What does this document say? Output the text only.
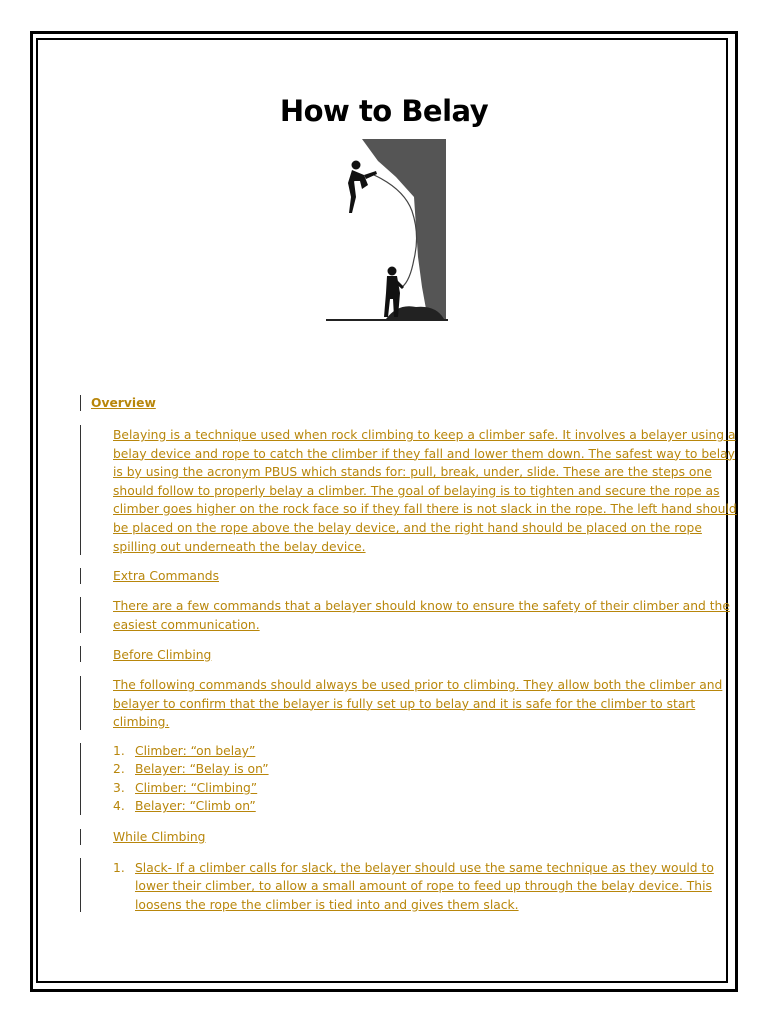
How to Belay
Overview
Belaying is a technique used when rock climbing to keep a climber safe. It involves a belayer using a
belay device and rope to catch the climber if they fall and lower them down. The safest way to belay
is by using the acronym PBUS which stands for: pull, break, under, slide. These are the steps one
should follow to properly belay a climber. The goal of belaying is to tighten and secure the rope as
climber goes higher on the rock face so if they fall there is not slack in the rope. The left hand should
be placed on the rope above the belay device, and the right hand should be placed on the rope
spilling out underneath the belay device.
Extra Commands
There are a few commands that a belayer should know to ensure the safety of their climber and the
easiest communication.
Before Climbing
The following commands should always be used prior to climbing. They allow both the climber and
belayer to confirm that the belayer is fully set up to belay and it is safe for the climber to start
climbing.
1. Climber: “on belay”
2. Belayer: “Belay is on”
3. Climber: “Climbing”
4. Belayer: “Climb on”
While Climbing
1. Slack- If a climber calls for slack, the belayer should use the same technique as they would to
lower their climber, to allow a small amount of rope to feed up through the belay device. This
loosens the rope the climber is tied into and gives them slack.
